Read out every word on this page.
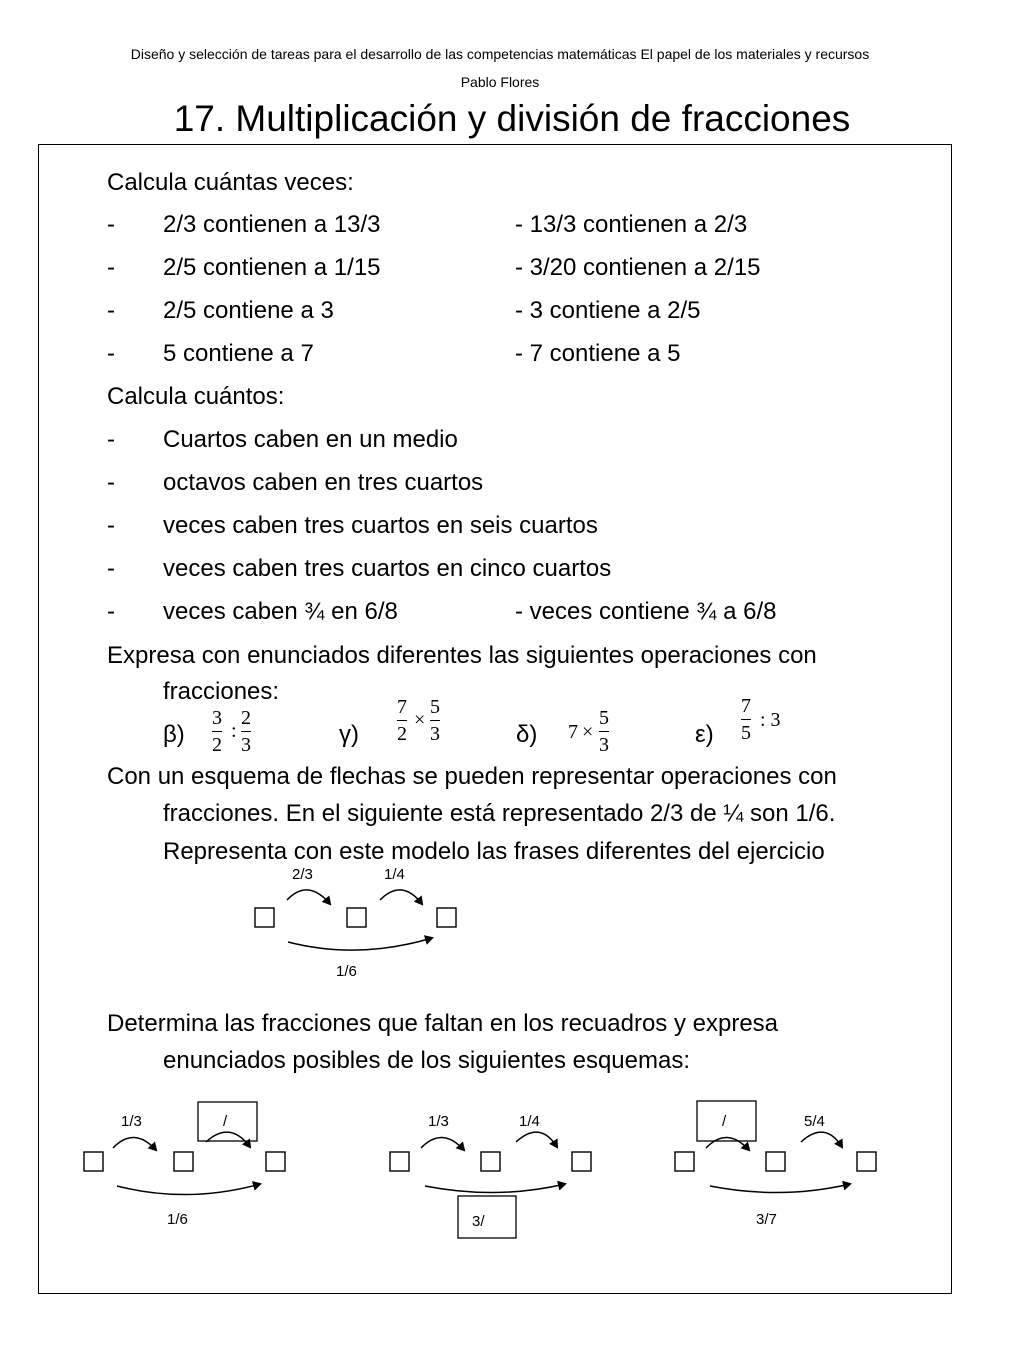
Diseño y selección de tareas para el desarrollo de las competencias matemáticas El papel de los materiales y recursos
Pablo Flores
17. Multiplicación y división de fracciones
Calcula cuántas veces:
- 2/3 contienen a 13/3	- 13/3 contienen a 2/3
- 2/5 contienen a 1/15	- 3/20 contienen a 2/15
- 2/5 contiene a 3	- 3 contiene a 2/5
- 5 contiene a 7	- 7 contiene a 5
Calcula cuántos:
- Cuartos caben en un medio
- octavos caben en tres cuartos
- veces caben tres cuartos en seis cuartos
- veces caben tres cuartos en cinco cuartos
- veces caben ¾ en 6/8	- veces contiene ¾ a 6/8
Expresa con enunciados diferentes las siguientes operaciones con
fracciones:
β)
3
2
:
2
3	γ)
7
2
×
5
3	δ) 7 ×
5
3	ε)
7
5
: 3
Con un esquema de flechas se pueden representar operaciones con
fracciones. En el siguiente está representado 2/3 de ¼ son 1/6.
Representa con este modelo las frases diferentes del ejercicio
2/3	1/4
1/6
Determina las fracciones que faltan en los recuadros y expresa
enunciados posibles de los siguientes esquemas:
1/3	/
1/6
1/3	1/4
3/
/	5/4
3/7
